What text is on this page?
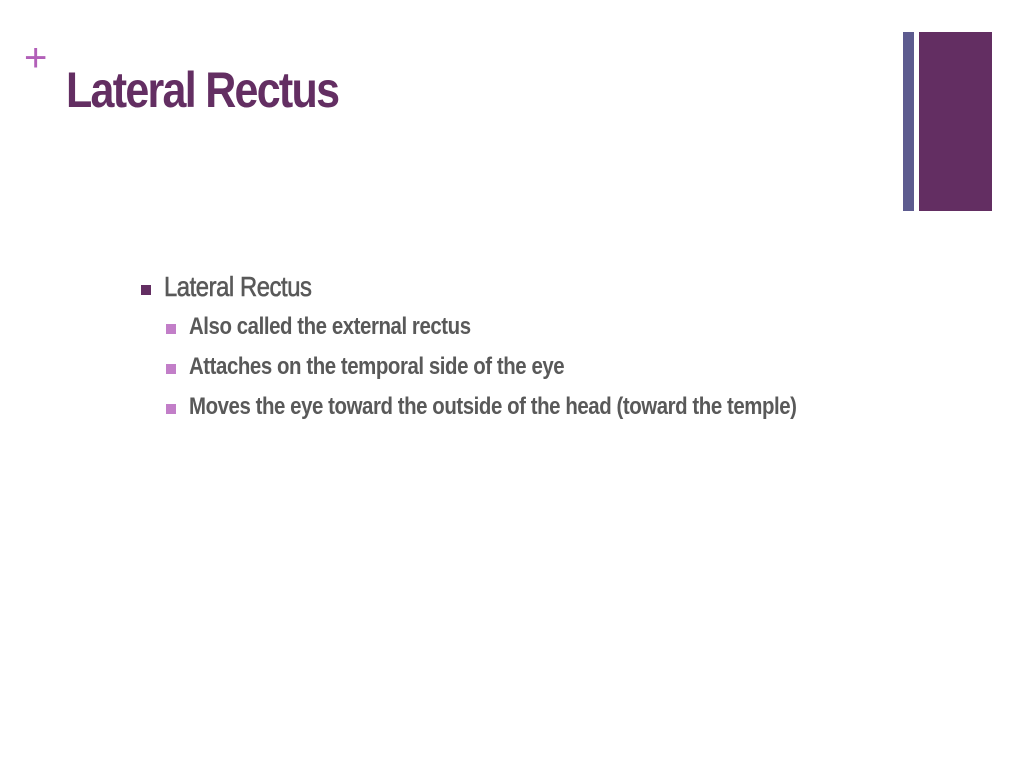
+
Lateral Rectus
Lateral Rectus
Also called the external rectus
Attaches on the temporal side of the eye
Moves the eye toward the outside of the head (toward the temple)
